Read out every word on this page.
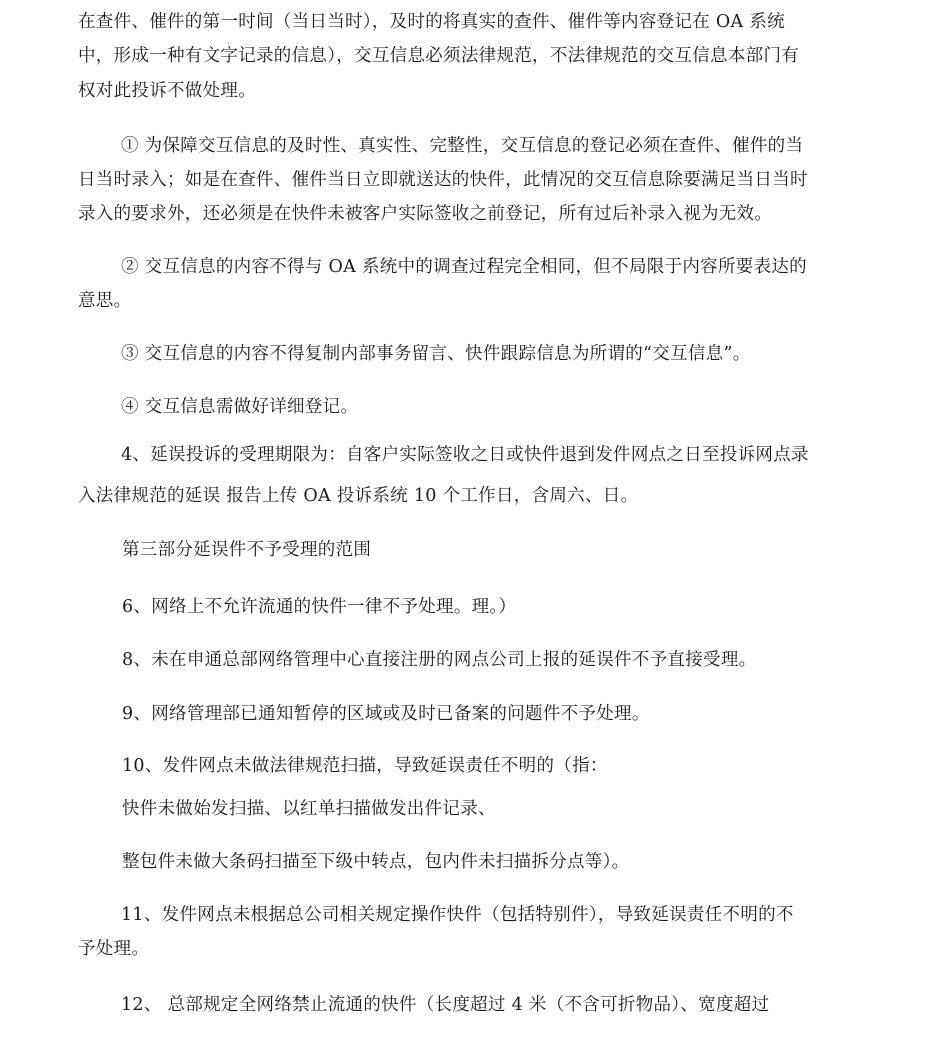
在查件、催件的第一时间（当日当时），及时的将真实的查件、催件等内容登记在 OA 系统
中，形成一种有文字记录的信息），交互信息必须法律规范，不法律规范的交互信息本部门有
权对此投诉不做处理。
① 为保障交互信息的及时性、真实性、完整性，交互信息的登记必须在查件、催件的当
日当时录入；如是在查件、催件当日立即就送达的快件，此情况的交互信息除要满足当日当时
录入的要求外，还必须是在快件未被客户实际签收之前登记，所有过后补录入视为无效。
② 交互信息的内容不得与 OA 系统中的调查过程完全相同，但不局限于内容所要表达的
意思。
③ 交互信息的内容不得复制内部事务留言、快件跟踪信息为所谓的“交互信息”。
④ 交互信息需做好详细登记。
4、延误投诉的受理期限为：自客户实际签收之日或快件退到发件网点之日至投诉网点录
入法律规范的延误 报告上传 OA 投诉系统 10 个工作日，含周六、日。
第三部分延误件不予受理的范围
6、网络上不允许流通的快件一律不予处理。理。）
8、未在申通总部网络管理中心直接注册的网点公司上报的延误件不予直接受理。
9、网络管理部已通知暂停的区域或及时已备案的问题件不予处理。
10、发件网点未做法律规范扫描，导致延误责任不明的（指：
快件未做始发扫描、以红单扫描做发出件记录、
整包件未做大条码扫描至下级中转点，包内件未扫描拆分点等）。
11、发件网点未根据总公司相关规定操作快件（包括特别件），导致延误责任不明的不
予处理。
12、 总部规定全网络禁止流通的快件（长度超过 4 米（不含可折物品）、宽度超过
